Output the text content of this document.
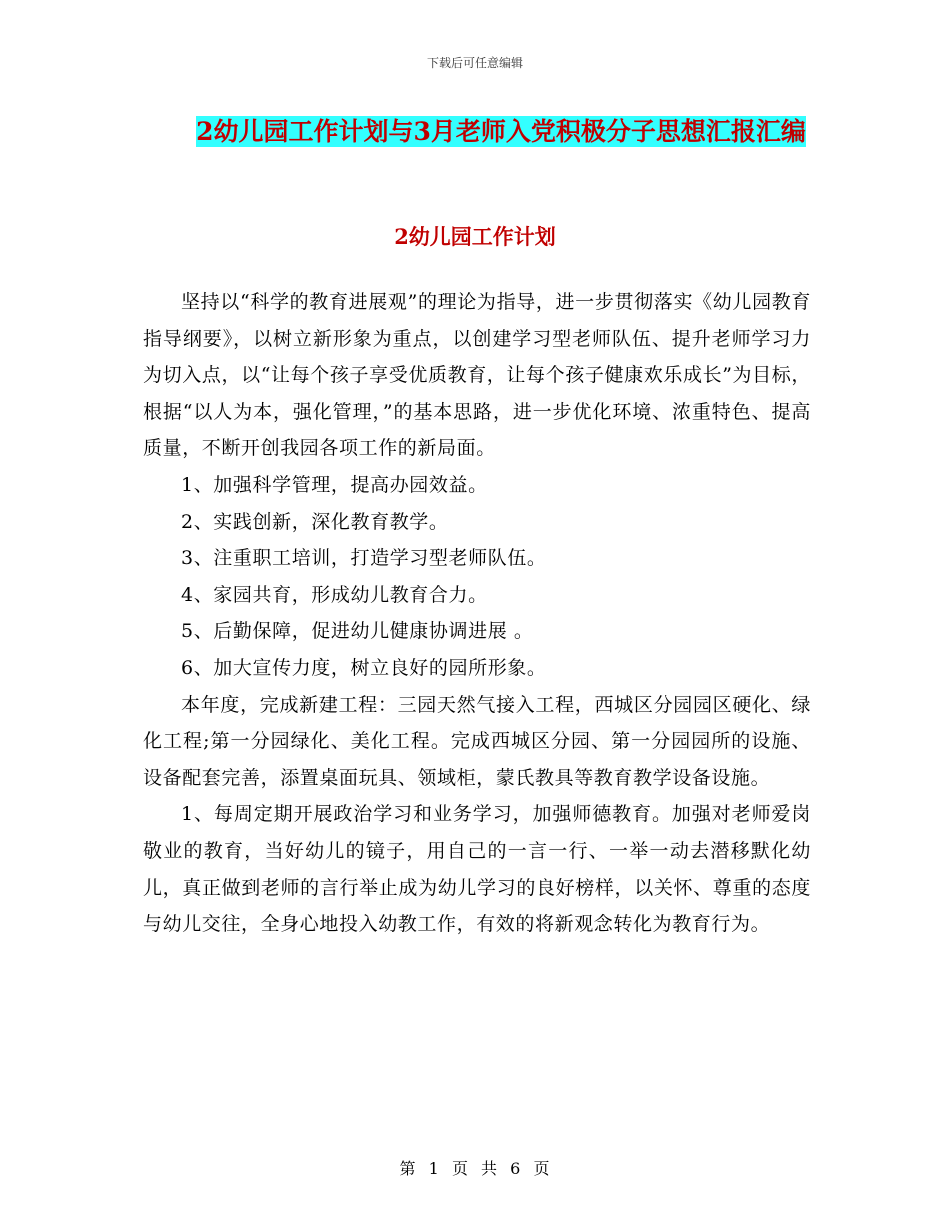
下载后可任意编辑
2幼儿园工作计划与3月老师入党积极分子思想汇报汇编
2幼儿园工作计划

坚持以“科学的教育进展观”的理论为指导，进一步贯彻落实《幼儿园教育指导纲要》，以树立新形象为重点，以创建学习型老师队伍、提升老师学习力为切入点，以“让每个孩子享受优质教育，让每个孩子健康欢乐成长”为目标，根据“以人为本，强化管理，”的基本思路，进一步优化环境、浓重特色、提高质量，不断开创我园各项工作的新局面。

1、加强科学管理，提高办园效益。

2、实践创新，深化教育教学。

3、注重职工培训，打造学习型老师队伍。

4、家园共育，形成幼儿教育合力。

5、后勤保障，促进幼儿健康协调进展 。

6、加大宣传力度，树立良好的园所形象。

本年度，完成新建工程：三园天然气接入工程，西城区分园园区硬化、绿化工程;第一分园绿化、美化工程。完成西城区分园、第一分园园所的设施、设备配套完善，添置桌面玩具、领域柜，蒙氏教具等教育教学设备设施。

1、每周定期开展政治学习和业务学习，加强师德教育。加强对老师爱岗敬业的教育，当好幼儿的镜子，用自己的一言一行、一举一动去潜移默化幼儿，真正做到老师的言行举止成为幼儿学习的良好榜样，以关怀、尊重的态度与幼儿交往，全身心地投入幼教工作，有效的将新观念转化为教育行为。

第 1 页 共 6 页
